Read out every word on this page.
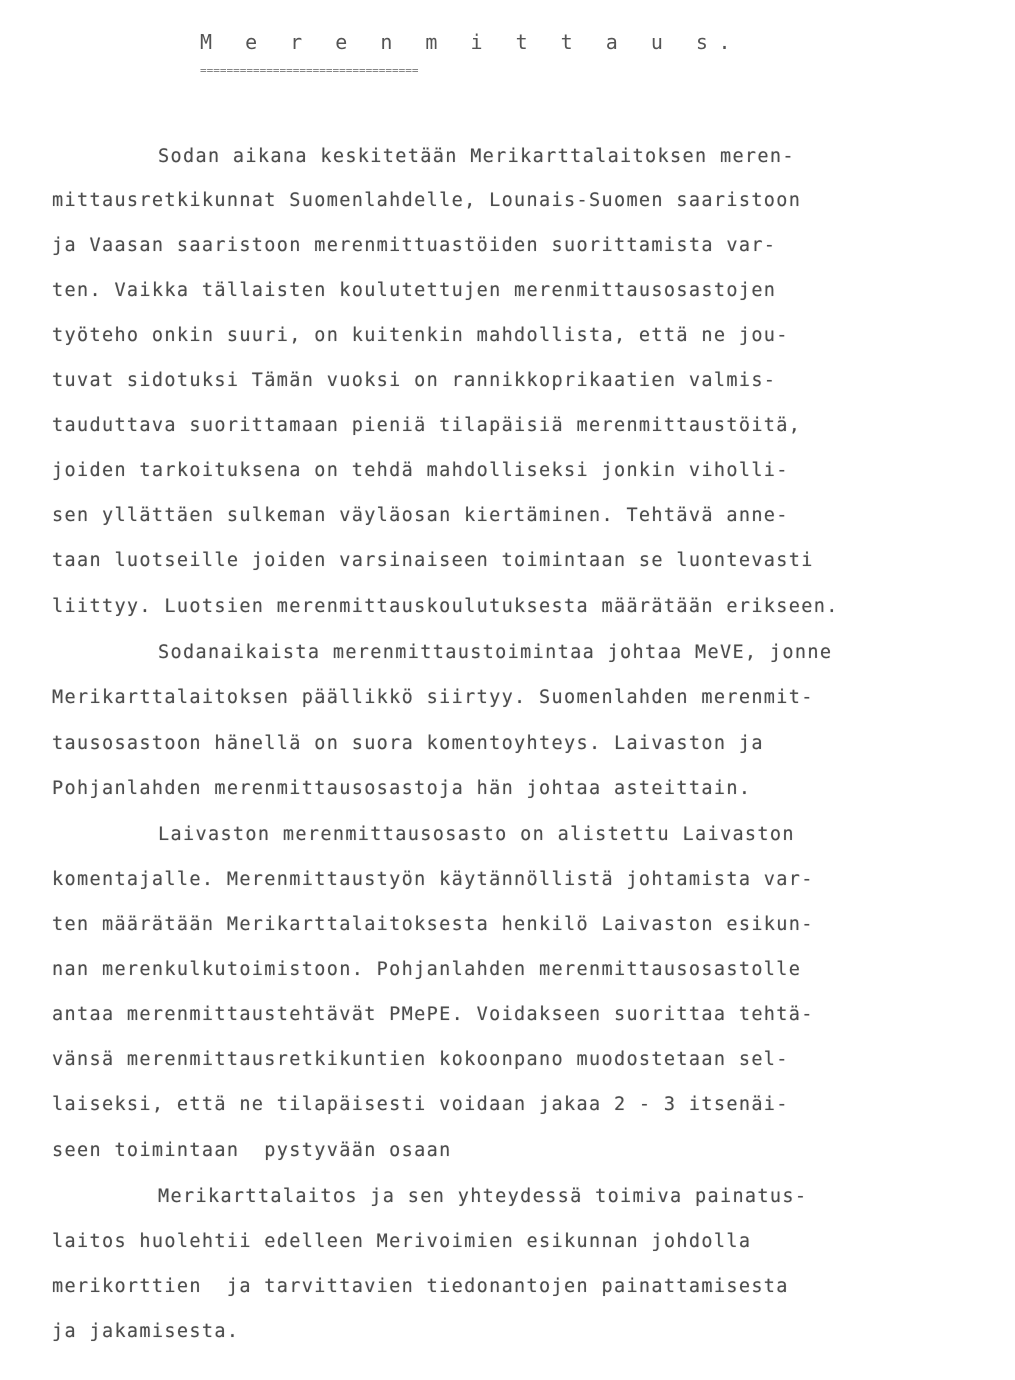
M e r e n m i t t a u s.
=================================
Sodan aikana keskitetään Merikarttalaitoksen meren-
mittausretkikunnat Suomenlahdelle, Lounais-Suomen saaristoon
ja Vaasan saaristoon merenmittuastöiden suorittamista var-
ten. Vaikka tällaisten koulutettujen merenmittausosastojen
työteho onkin suuri, on kuitenkin mahdollista, että ne jou-
tuvat sidotuksi Tämän vuoksi on rannikkoprikaatien valmis-
tauduttava suorittamaan pieniä tilapäisiä merenmittaustöitä,
joiden tarkoituksena on tehdä mahdolliseksi jonkin viholli-
sen yllättäen sulkeman väyläosan kiertäminen. Tehtävä anne-
taan luotseille joiden varsinaiseen toimintaan se luontevasti
liittyy. Luotsien merenmittauskoulutuksesta määrätään erikseen.
Sodanaikaista merenmittaustoimintaa johtaa MeVE, jonne
Merikarttalaitoksen päällikkö siirtyy. Suomenlahden merenmit-
tausosastoon hänellä on suora komentoyhteys. Laivaston ja
Pohjanlahden merenmittausosastoja hän johtaa asteittain.
Laivaston merenmittausosasto on alistettu Laivaston
komentajalle. Merenmittaustyön käytännöllistä johtamista var-
ten määrätään Merikarttalaitoksesta henkilö Laivaston esikun-
nan merenkulkutoimistoon. Pohjanlahden merenmittausosastolle
antaa merenmittaustehtävät PMePE. Voidakseen suorittaa tehtä-
vänsä merenmittausretkikuntien kokoonpano muodostetaan sel-
laiseksi, että ne tilapäisesti voidaan jakaa 2 - 3 itsenäi-
seen toimintaan  pystyvään osaan
Merikarttalaitos ja sen yhteydessä toimiva painatus-
laitos huolehtii edelleen Merivoimien esikunnan johdolla
merikorttien  ja tarvittavien tiedonantojen painattamisesta
ja jakamisesta.
